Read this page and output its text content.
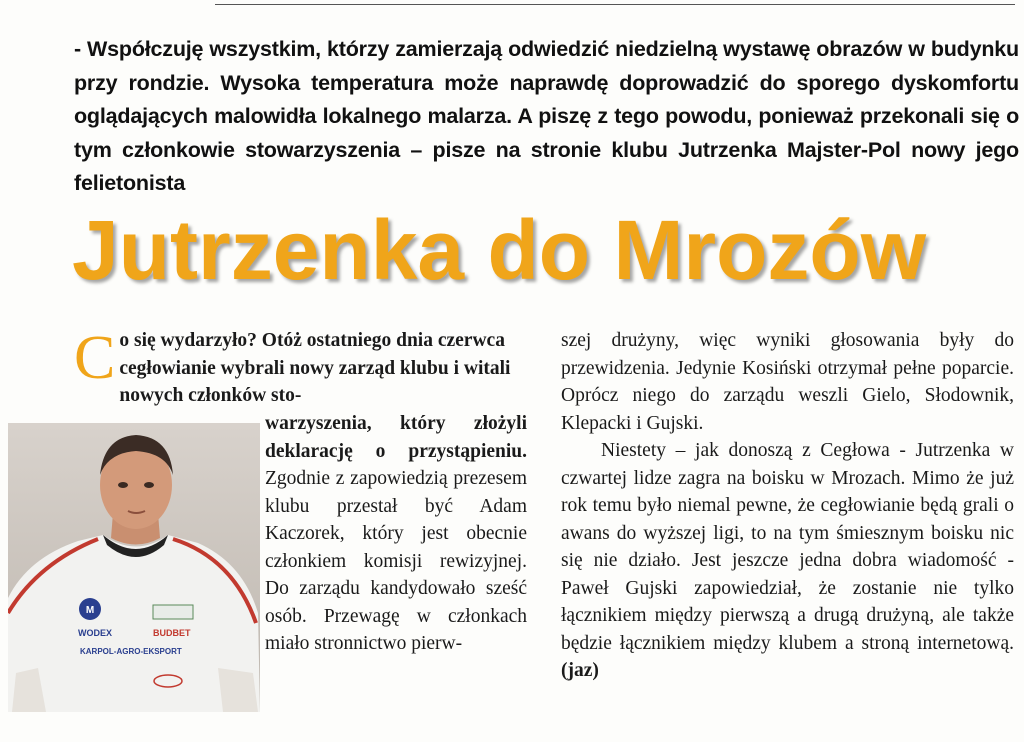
- Współczuję wszystkim, którzy zamierzają odwiedzić niedzielną wystawę obrazów w budynku przy rondzie. Wysoka temperatura może naprawdę doprowadzić do sporego dyskomfortu oglądających malowidła lokalnego malarza. A piszę z tego powodu, ponieważ przekonali się o tym członkowie stowarzyszenia – pisze na stronie klubu Jutrzenka Majster-Pol nowy jego felietonista
Jutrzenka do Mrozów
Co się wydarzyło? Otóż ostatniego dnia czerwca cegłowianie wybrali nowy zarząd klubu i witali nowych członków sto-
M
WODEX	BUDBET
KARPOL-AGRO-EKSPORT

warzyszenia, który złożyli deklarację o przystąpieniu. Zgodnie z zapowiedzią prezesem klubu przestał być Adam Kaczorek, który jest obecnie członkiem komisji rewizyjnej. Do zarządu kandydowało sześć osób. Przewagę w członkach miało stronnictwo pierw-

szej drużyny, więc wyniki głosowania były do przewidzenia. Jedynie Kosiński otrzymał pełne poparcie. Oprócz niego do zarządu weszli Gielo, Słodownik, Klepacki i Gujski.

Niestety – jak donoszą z Cegłowa - Jutrzenka w czwartej lidze zagra na boisku w Mrozach. Mimo że już rok temu było niemal pewne, że cegłowianie będą grali o awans do wyższej ligi, to na tym śmiesznym boisku nic się nie działo. Jest jeszcze jedna dobra wiadomość - Paweł Gujski zapowiedział, że zostanie nie tylko łącznikiem między pierwszą a drugą drużyną, ale także będzie łącznikiem między klubem a stroną internetową. (jaz)
